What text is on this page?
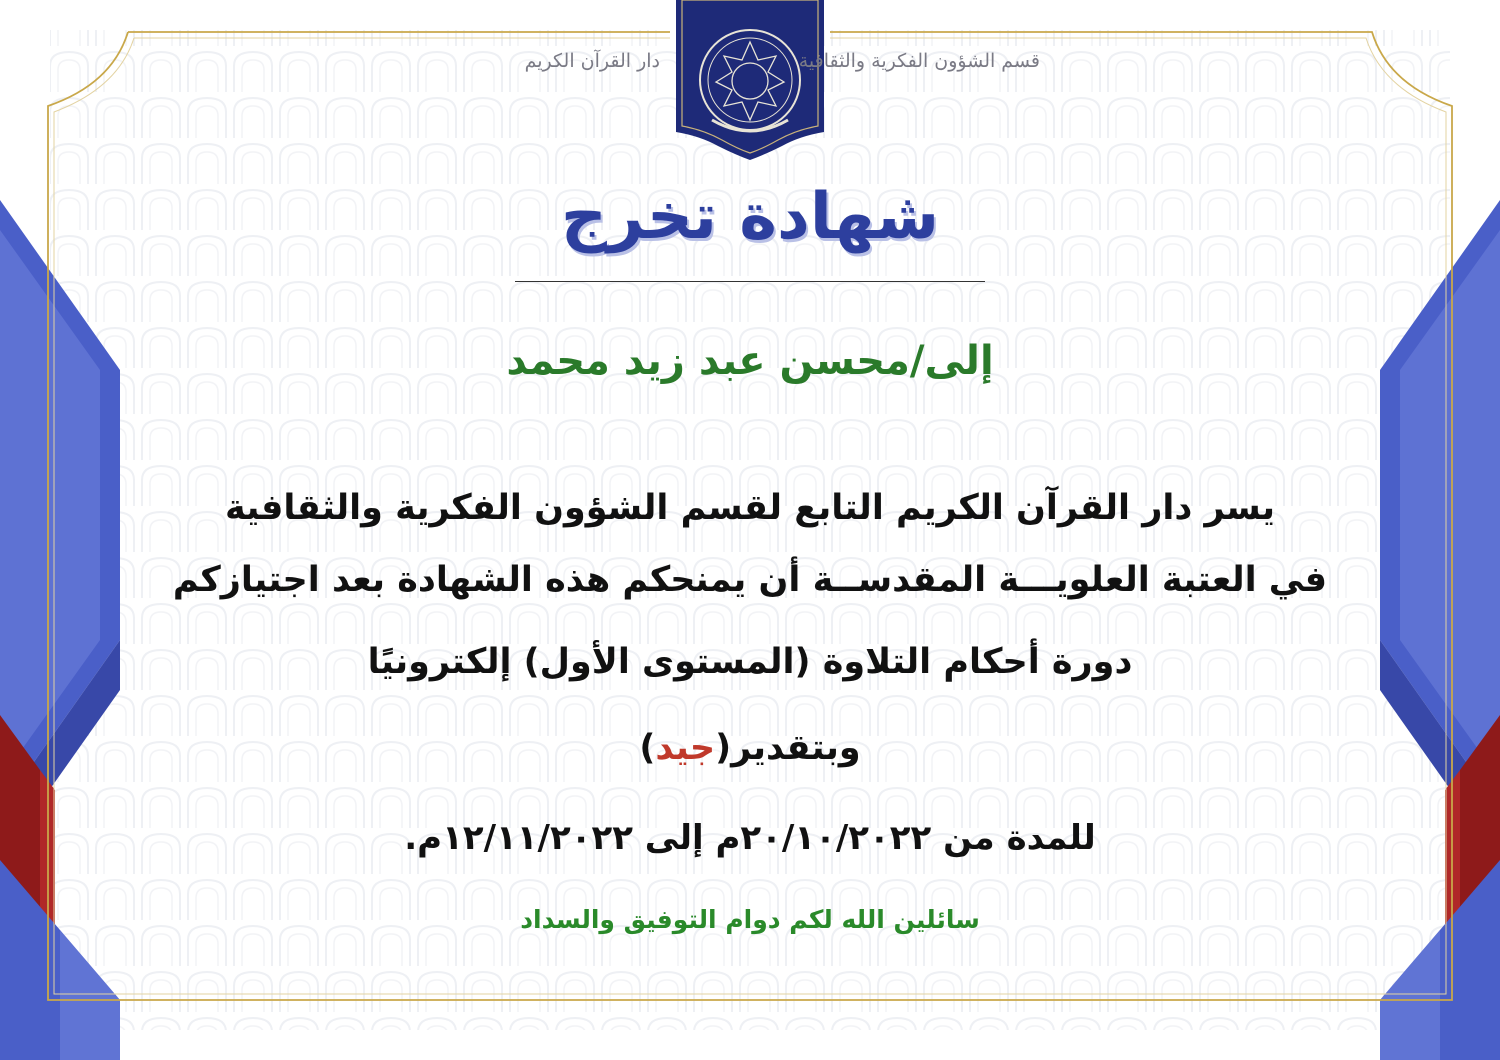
قسم الشؤون الفكرية والثقافية
دار القرآن الكريم
شهادة تخرج
إلى/محسن عبد زيد محمد
يسر دار القرآن الكريم التابع لقسم الشؤون الفكرية والثقافية
في العتبة العلويـــة المقدســة أن يمنحكم هذه الشهادة بعد اجتيازكم
دورة أحكام التلاوة (المستوى الأول) إلكترونيًا
وبتقدير(جيد)
للمدة من ٢٠/١٠/٢٠٢٢م إلى ١٢/١١/٢٠٢٢م.
سائلين الله لكم دوام التوفيق والسداد
